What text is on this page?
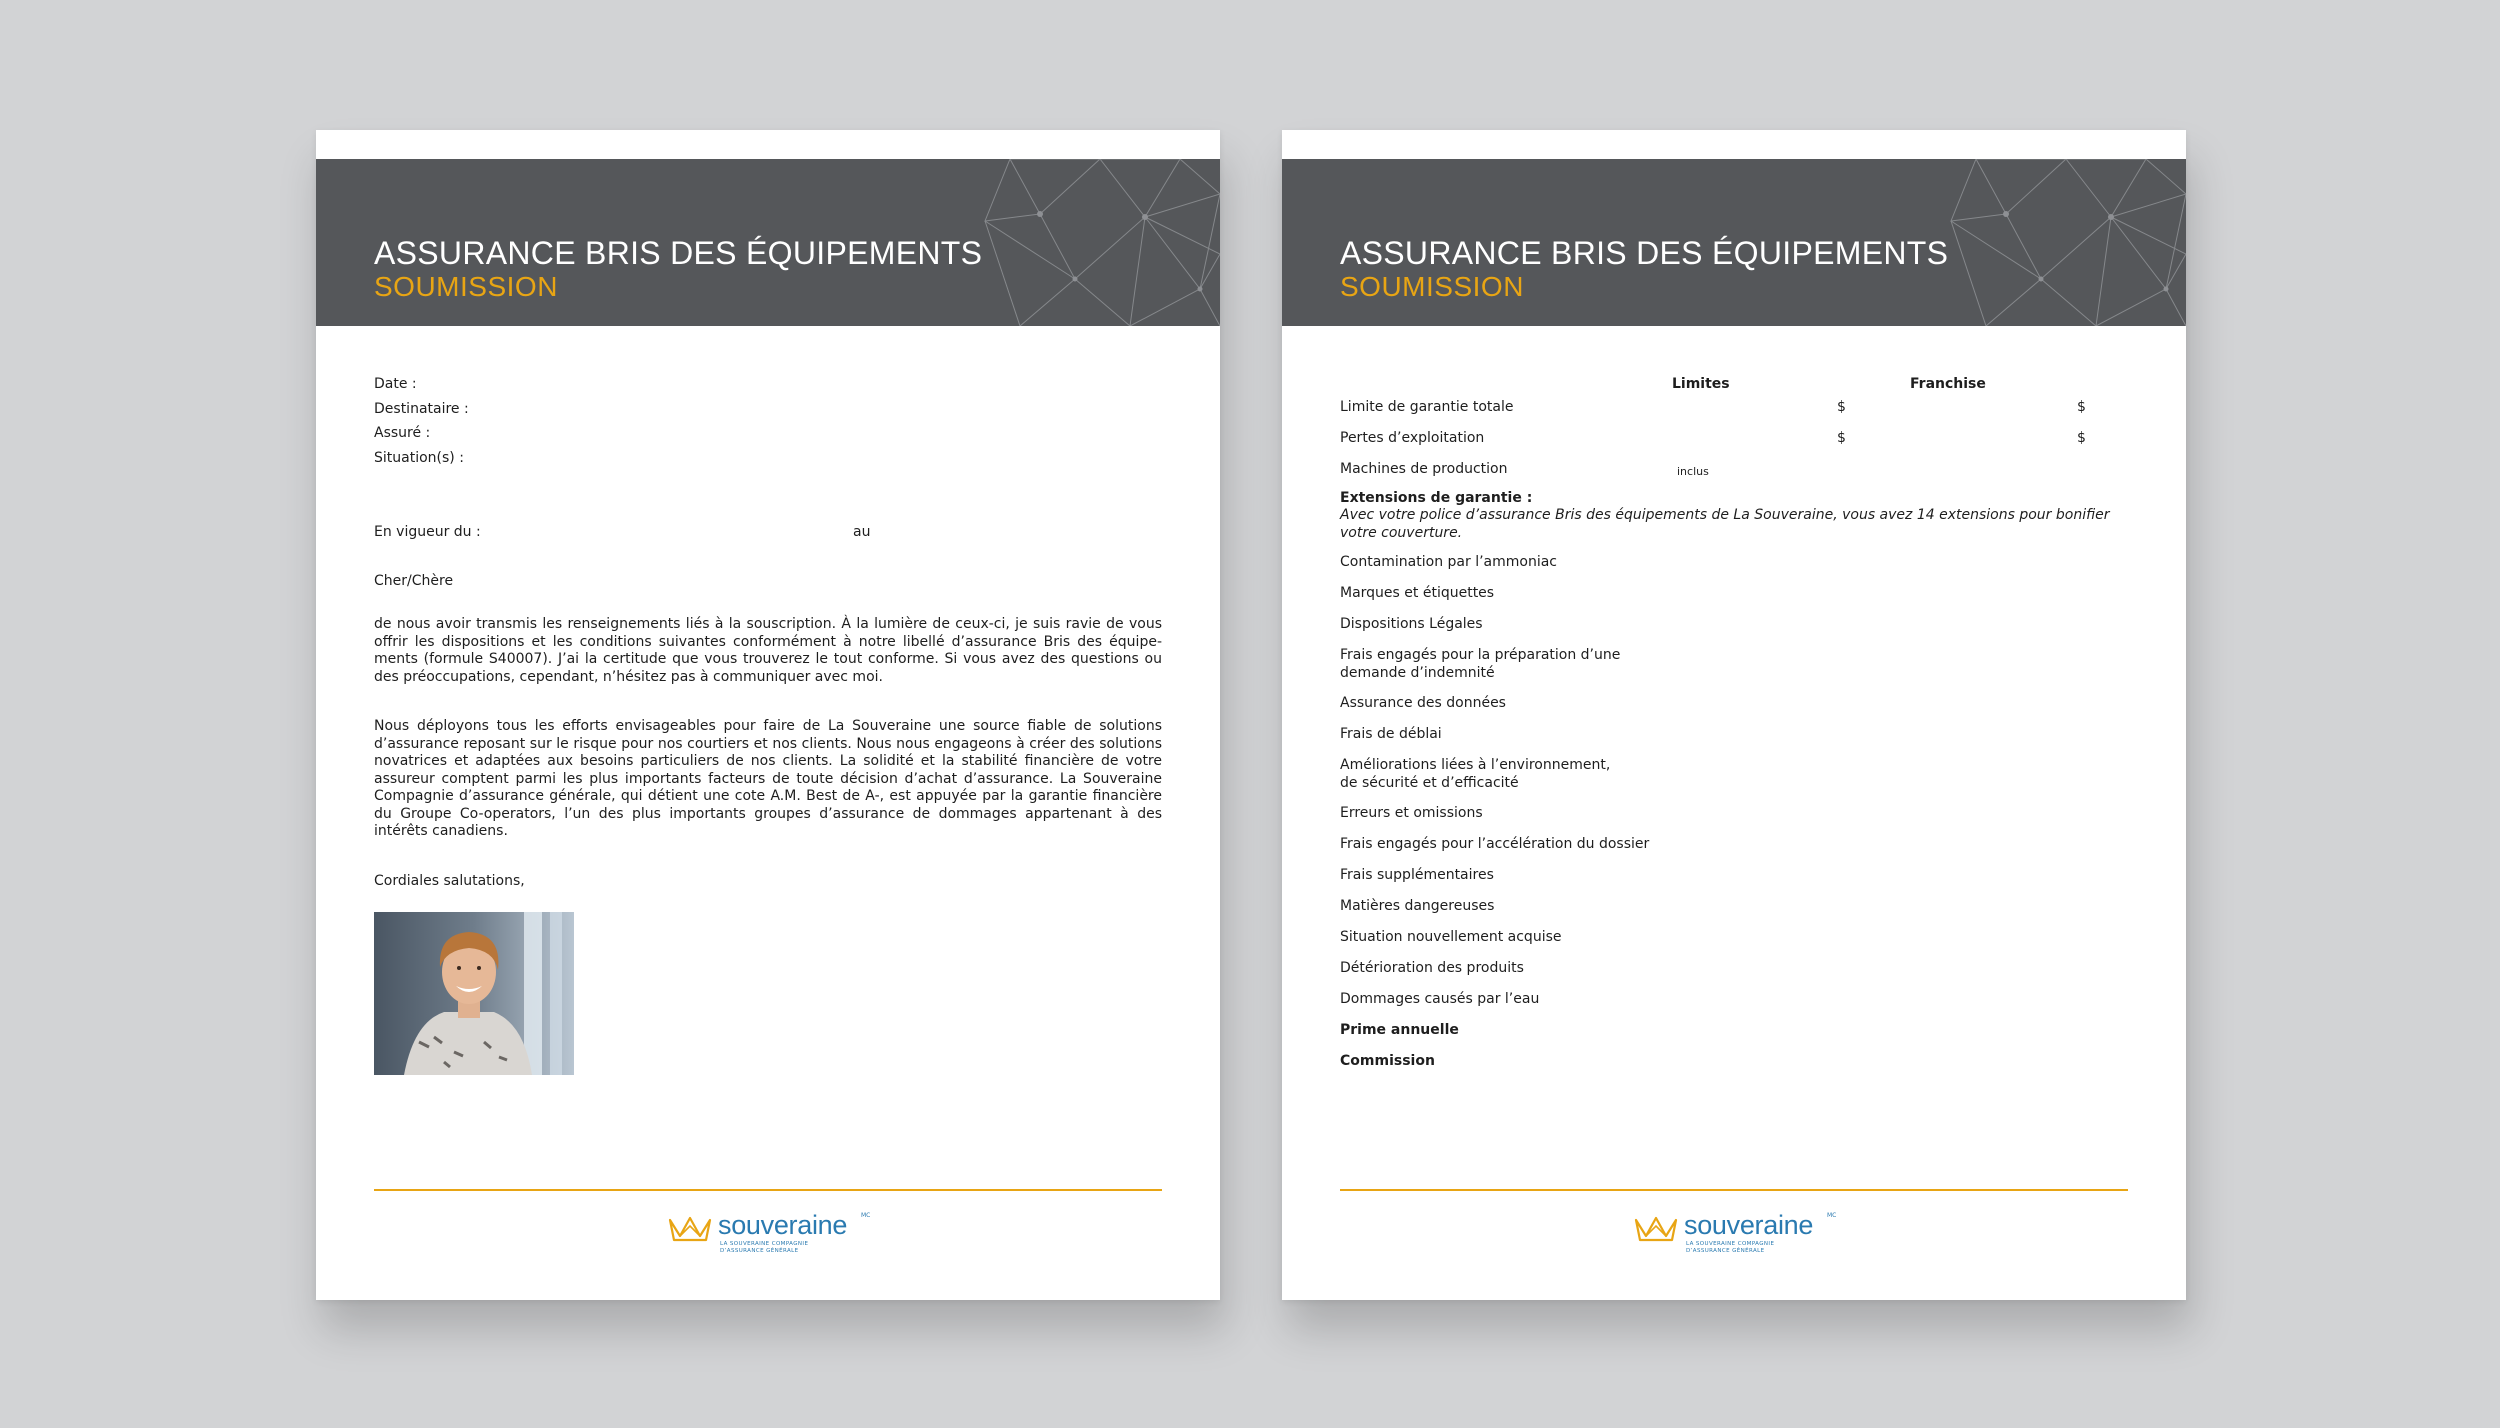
ASSURANCE BRIS DES ÉQUIPEMENTS
SOUMISSION
Date :
Destinataire :
Assuré :
Situation(s) :
En vigueur du :	au
Cher/Chère
de nous avoir transmis les renseignements liés à la souscription. À la lumière de ceux-ci, je suis ravie de vous offrir les dispositions et les conditions suivantes conformément à notre libellé d’assurance Bris des équipe- ments (formule S40007). J’ai la certitude que vous trouverez le tout conforme. Si vous avez des questions ou des préoccupations, cependant, n’hésitez pas à communiquer avec moi.
Nous déployons tous les efforts envisageables pour faire de La Souveraine une source fiable de solutions d’assurance reposant sur le risque pour nos courtiers et nos clients. Nous nous engageons à créer des solutions novatrices et adaptées aux besoins particuliers de nos clients. La solidité et la stabilité financière de votre assureur comptent parmi les plus importants facteurs de toute décision d’achat d’assurance. La Souveraine Compagnie d’assurance générale, qui détient une cote A.M. Best de A-, est appuyée par la garantie financière du Groupe Co-operators, l’un des plus importants groupes d’assurance de dommages appartenant à des intérêts canadiens.
Cordiales salutations,
souveraine MC
LA SOUVERAINE COMPAGNIE
D’ASSURANCE GÉNÉRALE
ASSURANCE BRIS DES ÉQUIPEMENTS
SOUMISSION
Limites	Franchise
Limite de garantie totale	$	$
Pertes d’exploitation	$	$
Machines de production	inclus
Extensions de garantie :
Avec votre police d’assurance Bris des équipements de La Souveraine, vous avez 14 extensions pour bonifier votre couverture.
Contamination par l’ammoniac
Marques et étiquettes
Dispositions Légales
Frais engagés pour la préparation d’une demande d’indemnité
Assurance des données
Frais de déblai
Améliorations liées à l’environnement, de sécurité et d’efficacité
Erreurs et omissions
Frais engagés pour l’accélération du dossier
Frais supplémentaires
Matières dangereuses
Situation nouvellement acquise
Détérioration des produits
Dommages causés par l’eau
Prime annuelle
Commission
souveraine MC
LA SOUVERAINE COMPAGNIE
D’ASSURANCE GÉNÉRALE
